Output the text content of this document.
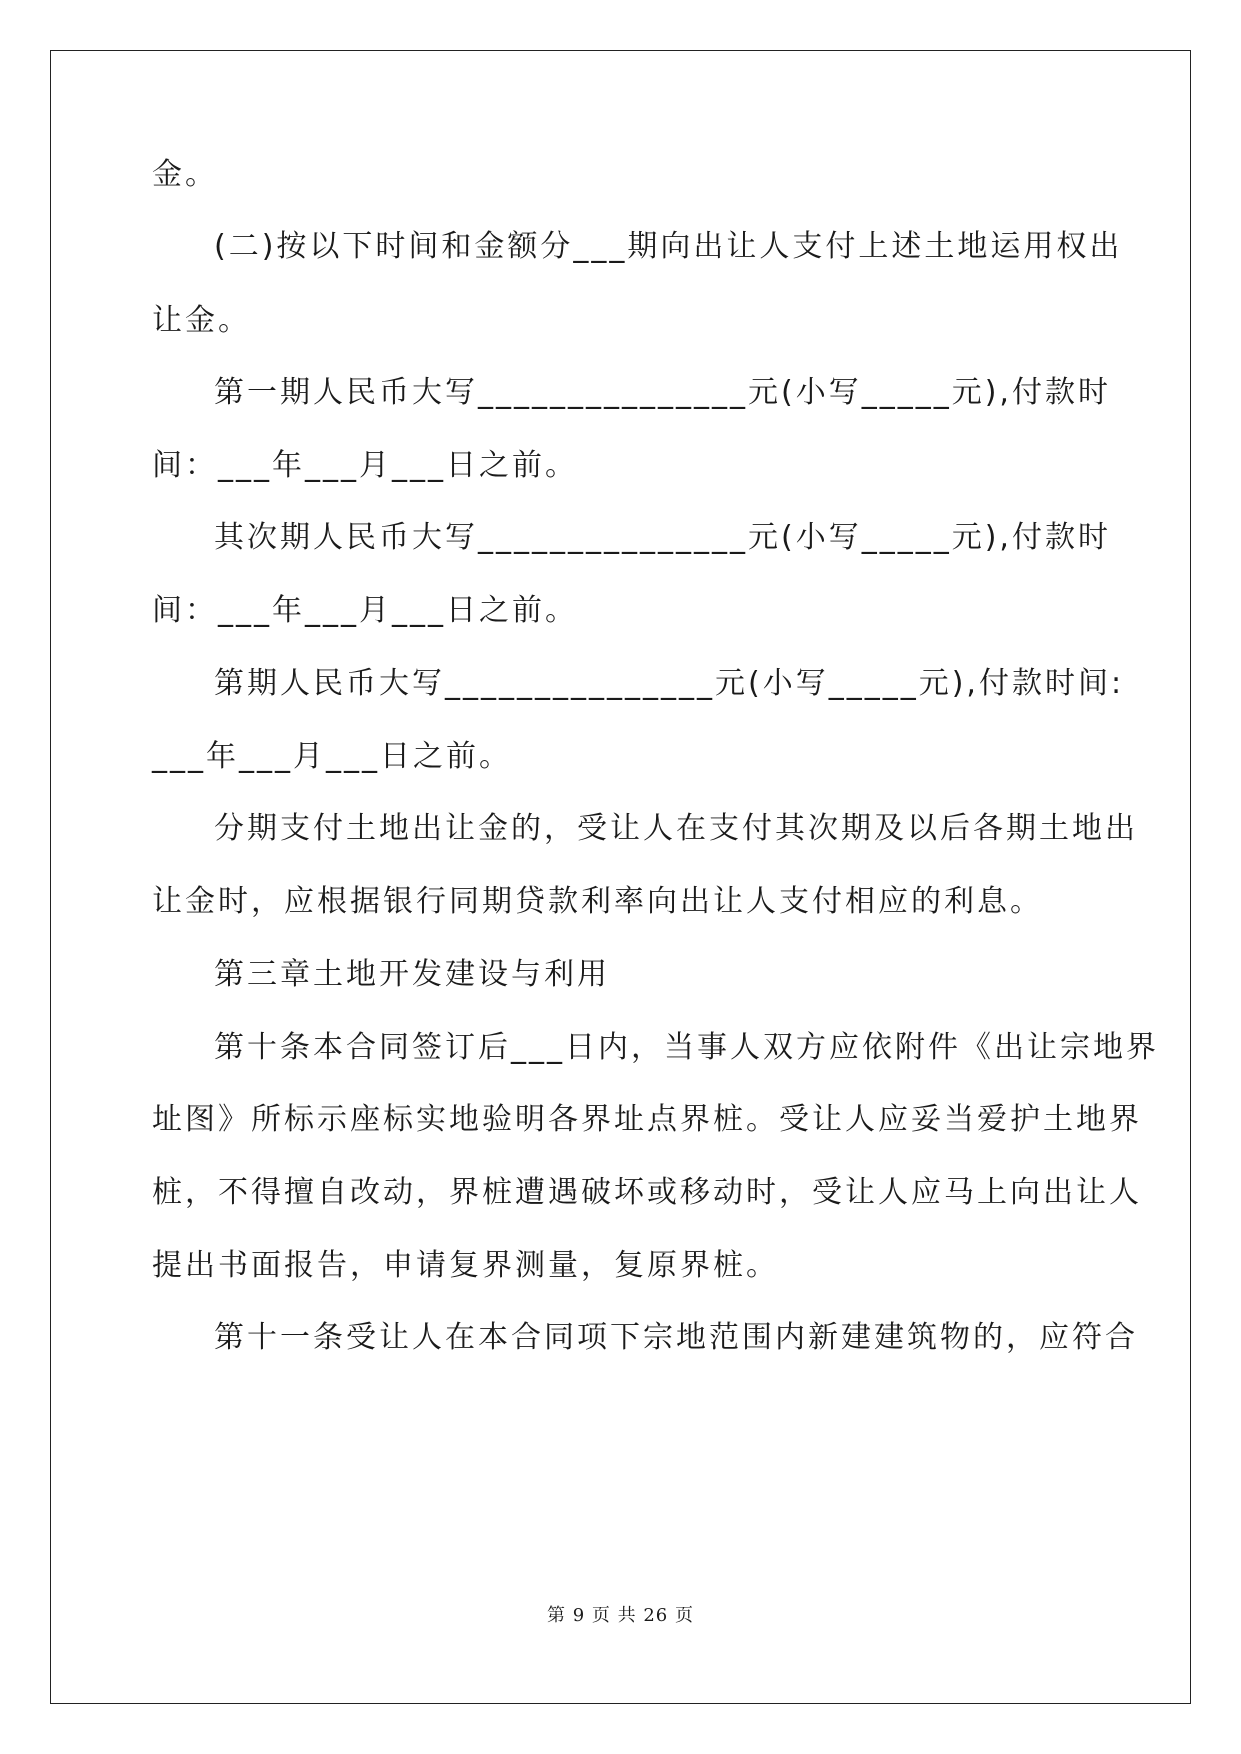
金。
(二)按以下时间和金额分___期向出让人支付上述土地运用权出
让金。
第一期人民币大写_______________元(小写_____元),付款时
间：___年___月___日之前。
其次期人民币大写_______________元(小写_____元),付款时
间：___年___月___日之前。
第期人民币大写_______________元(小写_____元),付款时间:
___年___月___日之前。
分期支付土地出让金的，受让人在支付其次期及以后各期土地出
让金时，应根据银行同期贷款利率向出让人支付相应的利息。
第三章土地开发建设与利用
第十条本合同签订后___日内，当事人双方应依附件《出让宗地界
址图》所标示座标实地验明各界址点界桩。受让人应妥当爱护土地界
桩，不得擅自改动，界桩遭遇破坏或移动时，受让人应马上向出让人
提出书面报告，申请复界测量，复原界桩。
第十一条受让人在本合同项下宗地范围内新建建筑物的，应符合
第 9 页 共 26 页
